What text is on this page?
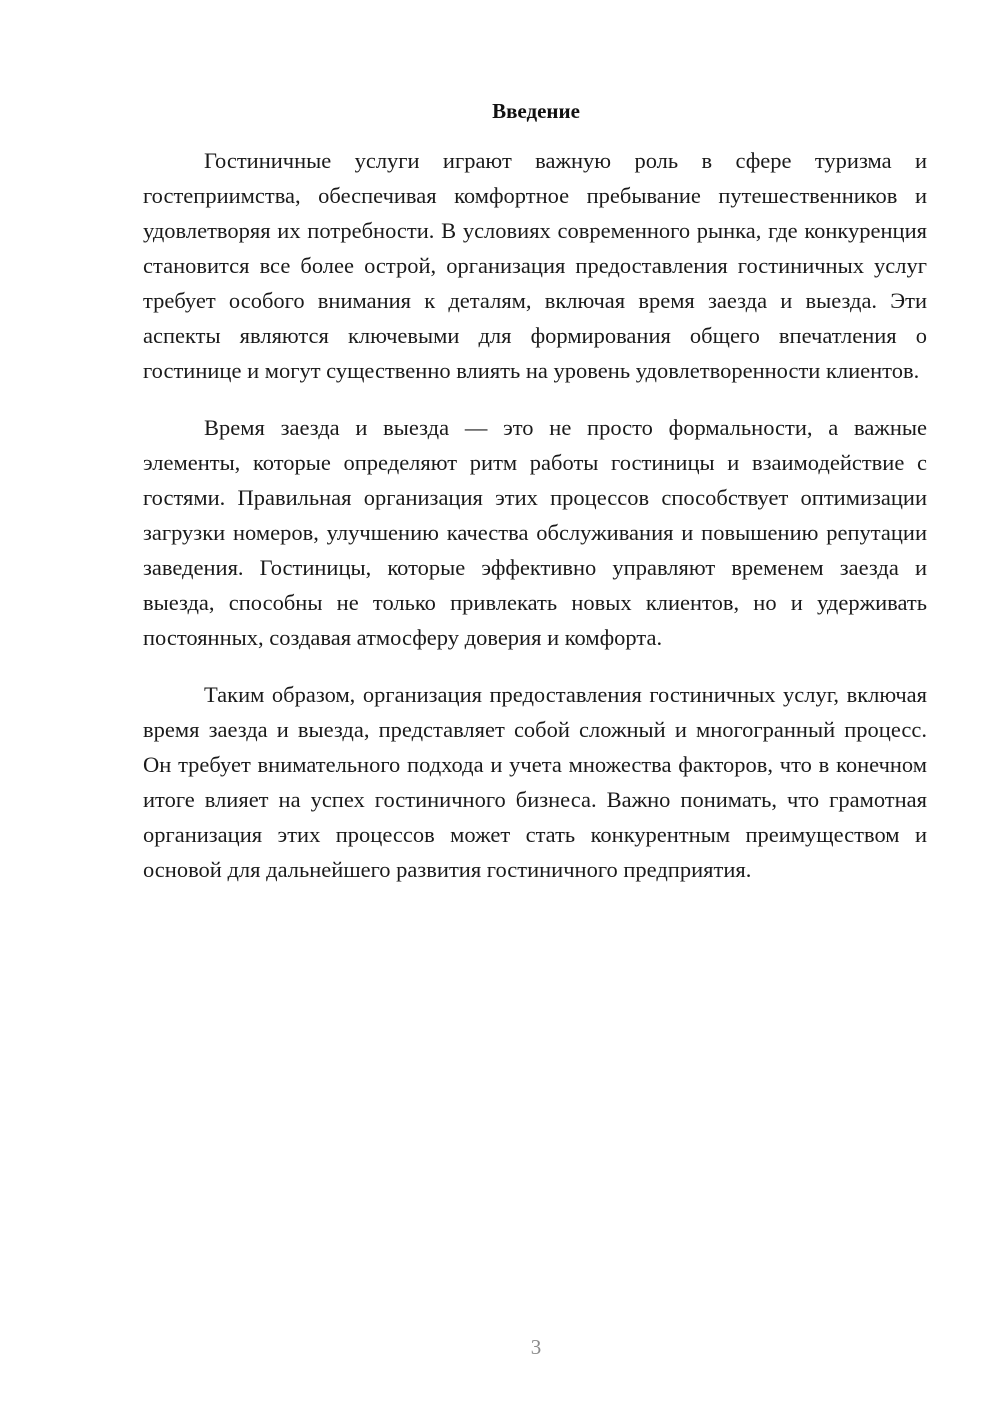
Введение

Гостиничные услуги играют важную роль в сфере туризма и гостеприимства, обеспечивая комфортное пребывание путешественников и удовлетворяя их потребности. В условиях современного рынка, где конкуренция становится все более острой, организация предоставления гостиничных услуг требует особого внимания к деталям, включая время заезда и выезда. Эти аспекты являются ключевыми для формирования общего впечатления о гостинице и могут существенно влиять на уровень удовлетворенности клиентов.

Время заезда и выезда — это не просто формальности, а важные элементы, которые определяют ритм работы гостиницы и взаимодействие с гостями. Правильная организация этих процессов способствует оптимизации загрузки номеров, улучшению качества обслуживания и повышению репутации заведения. Гостиницы, которые эффективно управляют временем заезда и выезда, способны не только привлекать новых клиентов, но и удерживать постоянных, создавая атмосферу доверия и комфорта.

Таким образом, организация предоставления гостиничных услуг, включая время заезда и выезда, представляет собой сложный и многогранный процесс. Он требует внимательного подхода и учета множества факторов, что в конечном итоге влияет на успех гостиничного бизнеса. Важно понимать, что грамотная организация этих процессов может стать конкурентным преимуществом и основой для дальнейшего развития гостиничного предприятия.

3
